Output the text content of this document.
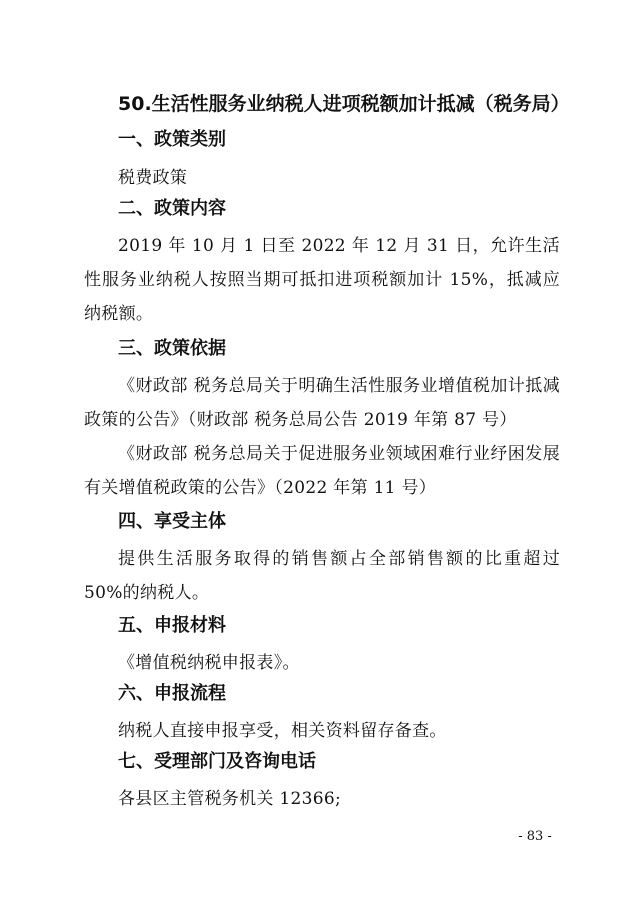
50.生活性服务业纳税人进项税额加计抵减（税务局）
一、政策类别
税费政策
二、政策内容
2019 年 10 月 1 日至 2022 年 12 月 31 日，允许生活性服务业纳税人按照当期可抵扣进项税额加计 15%，抵减应纳税额。
三、政策依据
《财政部 税务总局关于明确生活性服务业增值税加计抵减政策的公告》（财政部 税务总局公告 2019 年第 87 号）
《财政部 税务总局关于促进服务业领域困难行业纾困发展有关增值税政策的公告》（2022 年第 11 号）
四、享受主体
提供生活服务取得的销售额占全部销售额的比重超过 50%的纳税人。
五、申报材料
《增值税纳税申报表》。
六、申报流程
纳税人直接申报享受，相关资料留存备查。
七、受理部门及咨询电话
各县区主管税务机关 12366;
- 83 -
